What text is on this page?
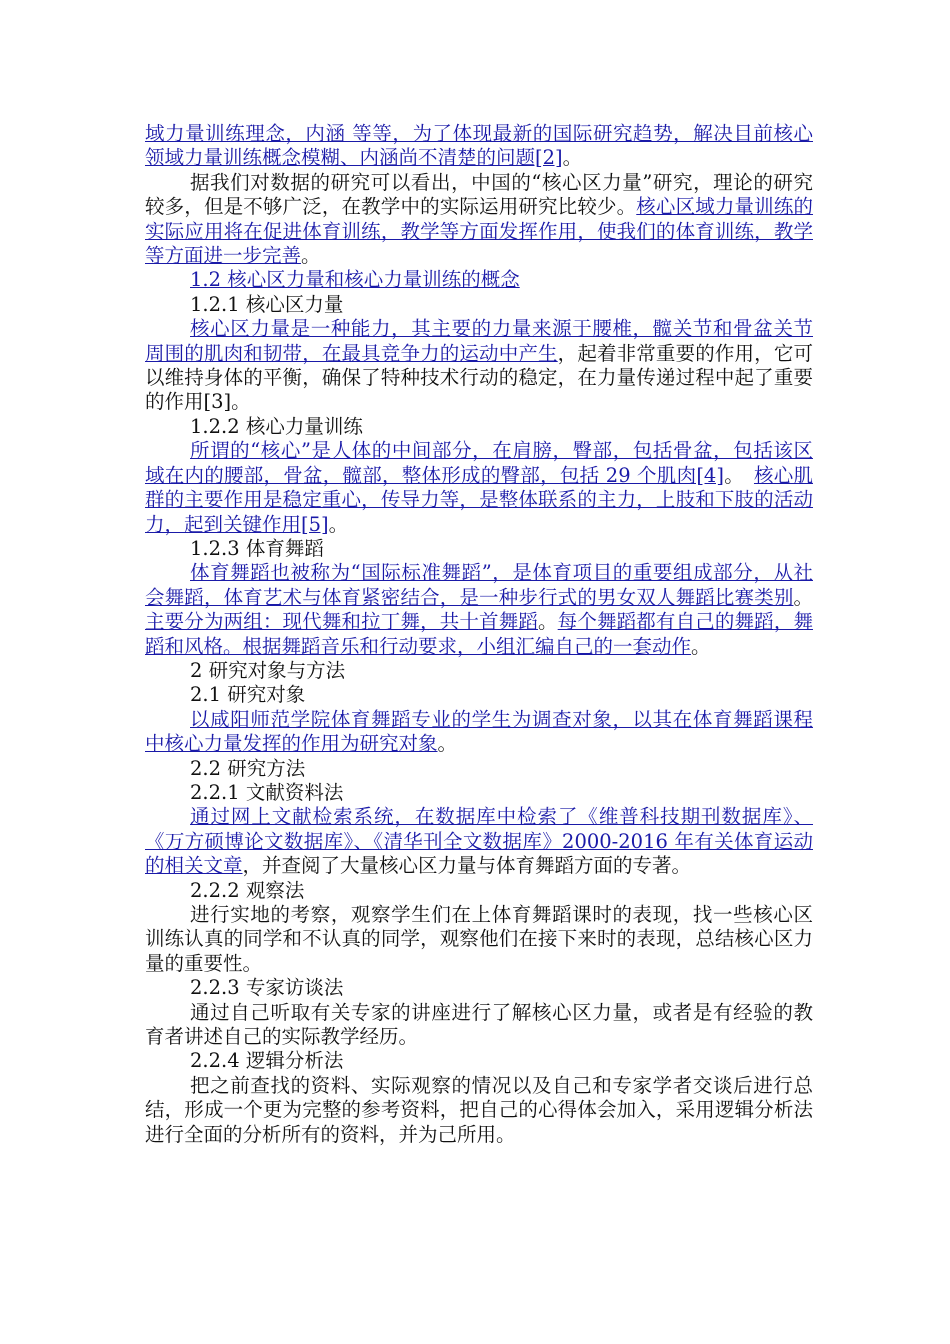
域力量训练理念，内涵 等等，为了体现最新的国际研究趋势，解决目前核心领域力量训练概念模糊、内涵尚不清楚的问题[2]。

据我们对数据的研究可以看出，中国的“核心区力量”研究，理论的研究较多，但是不够广泛，在教学中的实际运用研究比较少。核心区域力量训练的实际应用将在促进体育训练，教学等方面发挥作用，使我们的体育训练，教学等方面进一步完善。

1.2 核心区力量和核心力量训练的概念

1.2.1 核心区力量

核心区力量是一种能力，其主要的力量来源于腰椎，髋关节和骨盆关节周围的肌肉和韧带，在最具竞争力的运动中产生，起着非常重要的作用，它可以维持身体的平衡，确保了特种技术行动的稳定，在力量传递过程中起了重要的作用[3]。

1.2.2 核心力量训练

所谓的“核心”是人体的中间部分，在肩膀，臀部，包括骨盆，包括该区域在内的腰部，骨盆，髋部，整体形成的臀部，包括 29 个肌肉[4]。　核心肌群的主要作用是稳定重心，传导力等，是整体联系的主力，上肢和下肢的活动力，起到关键作用[5]。

1.2.3 体育舞蹈

体育舞蹈也被称为“国际标准舞蹈”，是体育项目的重要组成部分，从社会舞蹈，体育艺术与体育紧密结合，是一种步行式的男女双人舞蹈比赛类别。主要分为两组：现代舞和拉丁舞，共十首舞蹈。每个舞蹈都有自己的舞蹈，舞蹈和风格。根据舞蹈音乐和行动要求，小组汇编自己的一套动作。

2 研究对象与方法

2.1 研究对象

以咸阳师范学院体育舞蹈专业的学生为调查对象，以其在体育舞蹈课程中核心力量发挥的作用为研究对象。

2.2 研究方法

2.2.1 文献资料法

通过网上文献检索系统，在数据库中检索了《维普科技期刊数据库》、《万方硕博论文数据库》、《清华刊全文数据库》2000-2016 年有关体育运动的相关文章，并查阅了大量核心区力量与体育舞蹈方面的专著。

2.2.2 观察法

进行实地的考察，观察学生们在上体育舞蹈课时的表现，找一些核心区训练认真的同学和不认真的同学，观察他们在接下来时的表现，总结核心区力量的重要性。

2.2.3 专家访谈法

通过自己听取有关专家的讲座进行了解核心区力量，或者是有经验的教育者讲述自己的实际教学经历。

2.2.4 逻辑分析法

把之前查找的资料、实际观察的情况以及自己和专家学者交谈后进行总结，形成一个更为完整的参考资料，把自己的心得体会加入，采用逻辑分析法进行全面的分析所有的资料，并为己所用。
